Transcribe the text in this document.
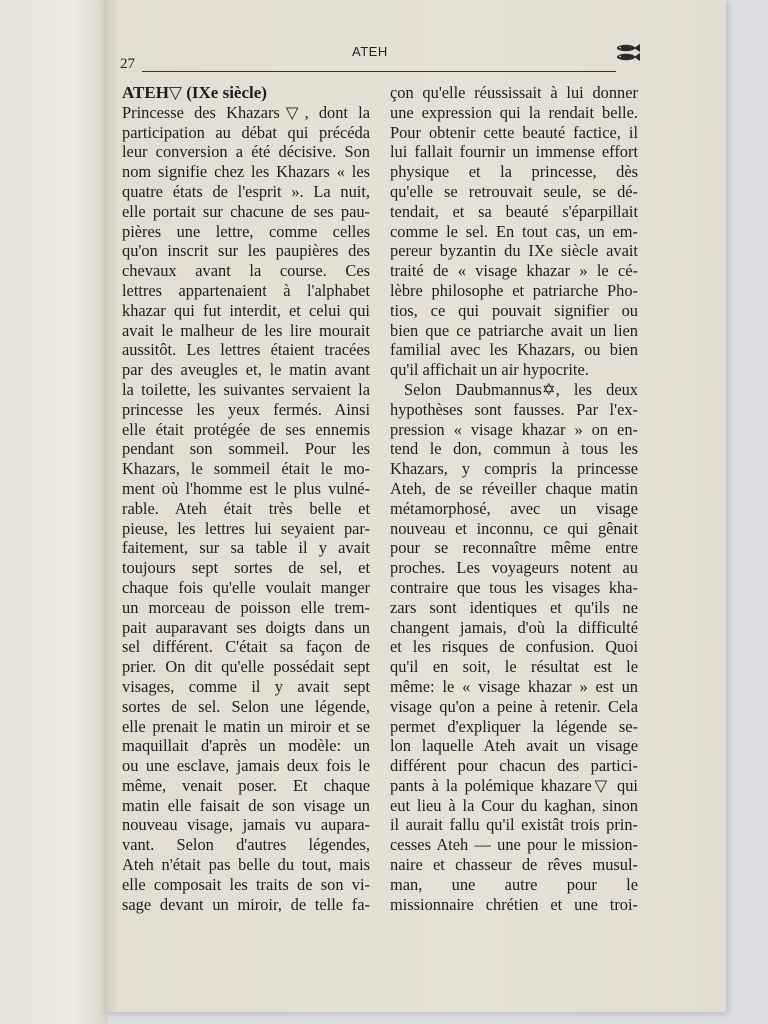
27
ATEH
ATEH▽ (IXe siècle)
Princesse des Khazars▽, dont la
participation au débat qui précéda
leur conversion a été décisive. Son
nom signifie chez les Khazars « les
quatre états de l'esprit ». La nuit,
elle portait sur chacune de ses pau-
pières une lettre, comme celles
qu'on inscrit sur les paupières des
chevaux avant la course. Ces
lettres appartenaient à l'alphabet
khazar qui fut interdit, et celui qui
avait le malheur de les lire mourait
aussitôt. Les lettres étaient tracées
par des aveugles et, le matin avant
la toilette, les suivantes servaient la
princesse les yeux fermés. Ainsi
elle était protégée de ses ennemis
pendant son sommeil. Pour les
Khazars, le sommeil était le mo-
ment où l'homme est le plus vulné-
rable. Ateh était très belle et
pieuse, les lettres lui seyaient par-
faitement, sur sa table il y avait
toujours sept sortes de sel, et
chaque fois qu'elle voulait manger
un morceau de poisson elle trem-
pait auparavant ses doigts dans un
sel différent. C'était sa façon de
prier. On dit qu'elle possédait sept
visages, comme il y avait sept
sortes de sel. Selon une légende,
elle prenait le matin un miroir et se
maquillait d'après un modèle: un
ou une esclave, jamais deux fois le
même, venait poser. Et chaque
matin elle faisait de son visage un
nouveau visage, jamais vu aupara-
vant. Selon d'autres légendes,
Ateh n'était pas belle du tout, mais
elle composait les traits de son vi-
sage devant un miroir, de telle fa-
çon qu'elle réussissait à lui donner
une expression qui la rendait belle.
Pour obtenir cette beauté factice, il
lui fallait fournir un immense effort
physique et la princesse, dès
qu'elle se retrouvait seule, se dé-
tendait, et sa beauté s'éparpillait
comme le sel. En tout cas, un em-
pereur byzantin du IXe siècle avait
traité de « visage khazar » le cé-
lèbre philosophe et patriarche Pho-
tios, ce qui pouvait signifier ou
bien que ce patriarche avait un lien
familial avec les Khazars, ou bien
qu'il affichait un air hypocrite.
Selon Daubmannus✡, les deux
hypothèses sont fausses. Par l'ex-
pression « visage khazar » on en-
tend le don, commun à tous les
Khazars, y compris la princesse
Ateh, de se réveiller chaque matin
métamorphosé, avec un visage
nouveau et inconnu, ce qui gênait
pour se reconnaître même entre
proches. Les voyageurs notent au
contraire que tous les visages kha-
zars sont identiques et qu'ils ne
changent jamais, d'où la difficulté
et les risques de confusion. Quoi
qu'il en soit, le résultat est le
même: le « visage khazar » est un
visage qu'on a peine à retenir. Cela
permet d'expliquer la légende se-
lon laquelle Ateh avait un visage
différent pour chacun des partici-
pants à la polémique khazare▽ qui
eut lieu à la Cour du kaghan, sinon
il aurait fallu qu'il existât trois prin-
cesses Ateh — une pour le mission-
naire et chasseur de rêves musul-
man, une autre pour le
missionnaire chrétien et une troi-
